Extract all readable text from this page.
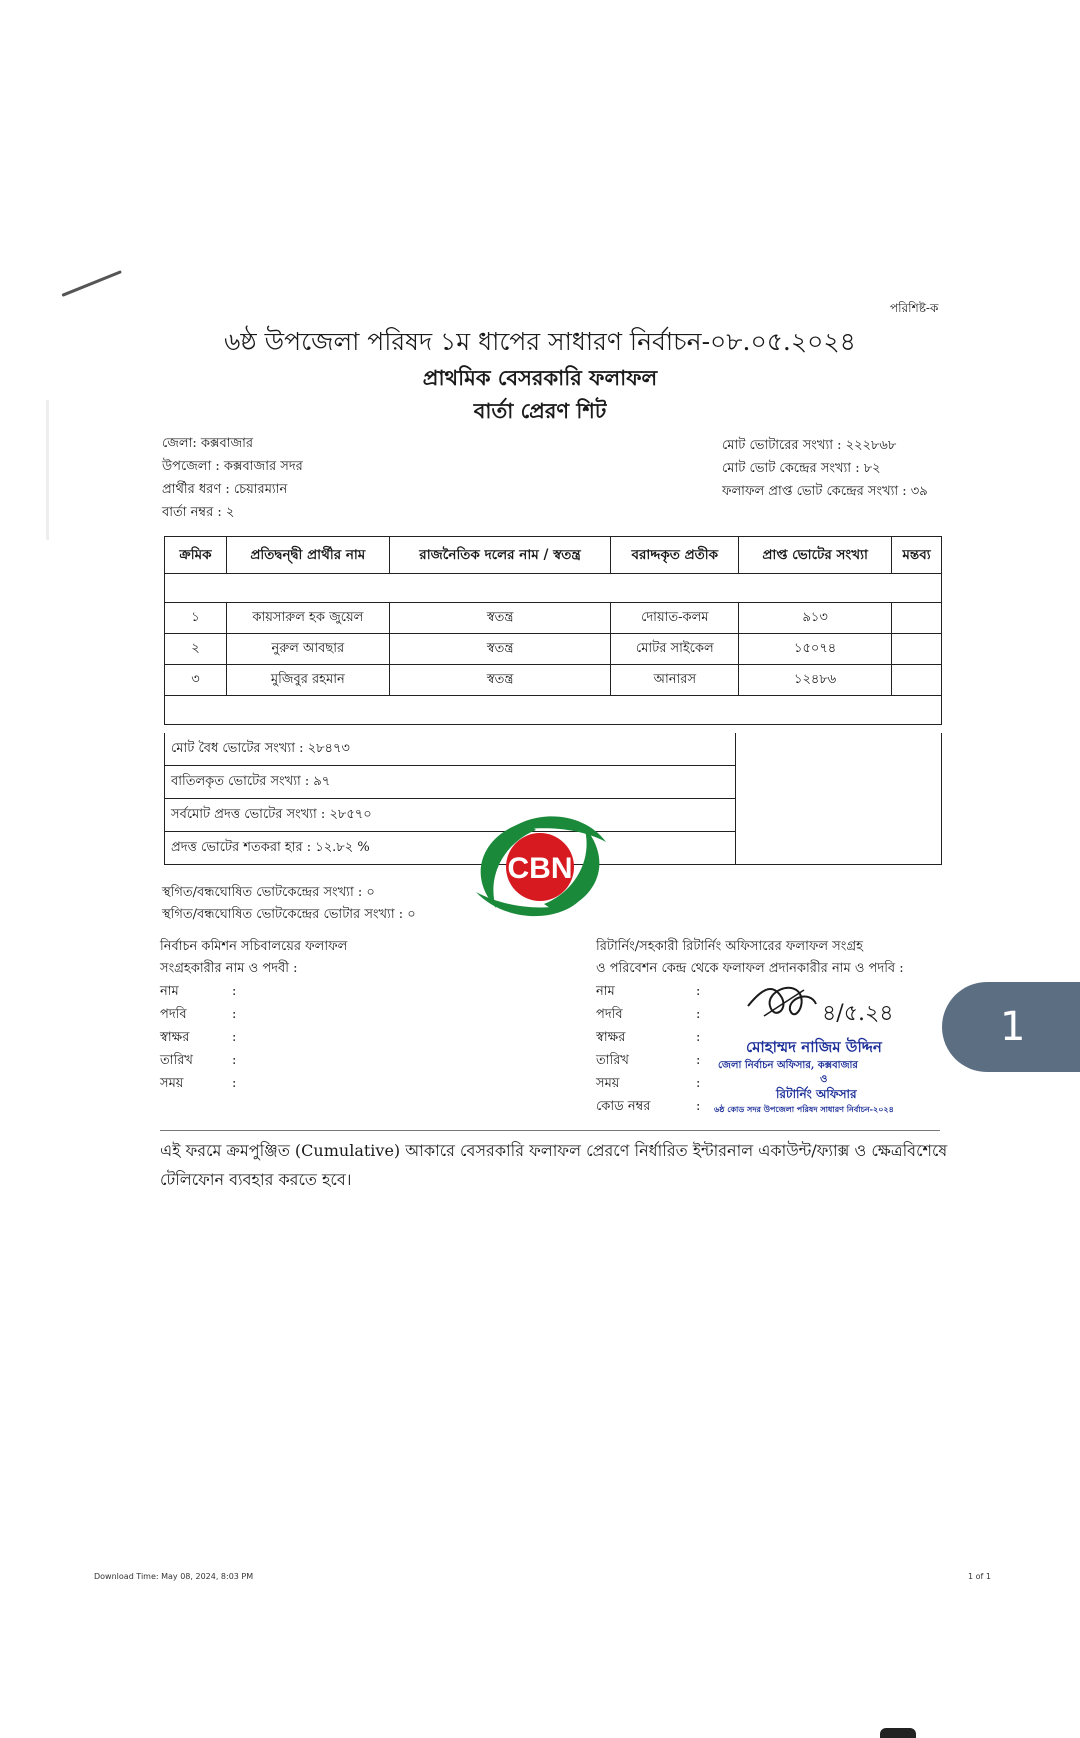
পরিশিষ্ট-ক
৬ষ্ঠ উপজেলা পরিষদ ১ম ধাপের সাধারণ নির্বাচন-০৮.০৫.২০২৪
প্রাথমিক বেসরকারি ফলাফল
বার্তা প্রেরণ শিট
জেলা: কক্সবাজার
উপজেলা : কক্সবাজার সদর
প্রার্থীর ধরণ : চেয়ারম্যান
বার্তা নম্বর : ২
মোট ভোটারের সংখ্যা : ২২২৮৬৮
মোট ভোট কেন্দ্রের সংখ্যা : ৮২
ফলাফল প্রাপ্ত ভোট কেন্দ্রের সংখ্যা : ৩৯
ক্রমিক	প্রতিদ্বন্দ্বী প্রার্থীর নাম	রাজনৈতিক দলের নাম / স্বতন্ত্র	বরাদ্দকৃত প্রতীক	প্রাপ্ত ভোটের সংখ্যা	মন্তব্য

১	কায়সারুল হক জুয়েল	স্বতন্ত্র	দোয়াত-কলম	৯১৩	
২	নুরুল আবছার	স্বতন্ত্র	মোটর সাইকেল	১৫০৭৪	
৩	মুজিবুর রহমান	স্বতন্ত্র	আনারস	১২৪৮৬	

মোট বৈধ ভোটের সংখ্যা : ২৮৪৭৩
বাতিলকৃত ভোটের সংখ্যা : ৯৭
সর্বমোট প্রদত্ত ভোটের সংখ্যা : ২৮৫৭০
প্রদত্ত ভোটের শতকরা হার : ১২.৮২ %
স্থগিত/বন্ধঘোষিত ভোটকেন্দ্রের সংখ্যা : ০
স্থগিত/বন্ধঘোষিত ভোটকেন্দ্রের ভোটার সংখ্যা : ০
CBN
নির্বাচন কমিশন সচিবালয়ের ফলাফল
সংগ্রহকারীর নাম ও পদবী :
নাম	:
পদবি	:
স্বাক্ষর	:
তারিখ	:
সময়	:
রিটার্নিং/সহকারী রিটার্নিং অফিসারের ফলাফল সংগ্রহ
ও পরিবেশন কেন্দ্র থেকে ফলাফল প্রদানকারীর নাম ও পদবি :
নাম	:
পদবি	:
স্বাক্ষর	:
তারিখ	:
সময়	:
কোড নম্বর	:
৪/৫.২৪
মোহাম্মদ নাজিম উদ্দিন
জেলা নির্বাচন অফিসার, কক্সবাজার
ও
রিটার্নিং অফিসার
৬ষ্ঠ কোড সদর উপজেলা পরিষদ সাধারণ নির্বাচন-২০২৪
এই ফরমে ক্রমপুঞ্জিত (Cumulative) আকারে বেসরকারি ফলাফল প্রেরণে নির্ধারিত ইন্টারনাল একাউন্ট/ফ্যাক্স ও ক্ষেত্রবিশেষে টেলিফোন ব্যবহার করতে হবে।
Download Time: May 08, 2024, 8:03 PM	1 of 1
1
